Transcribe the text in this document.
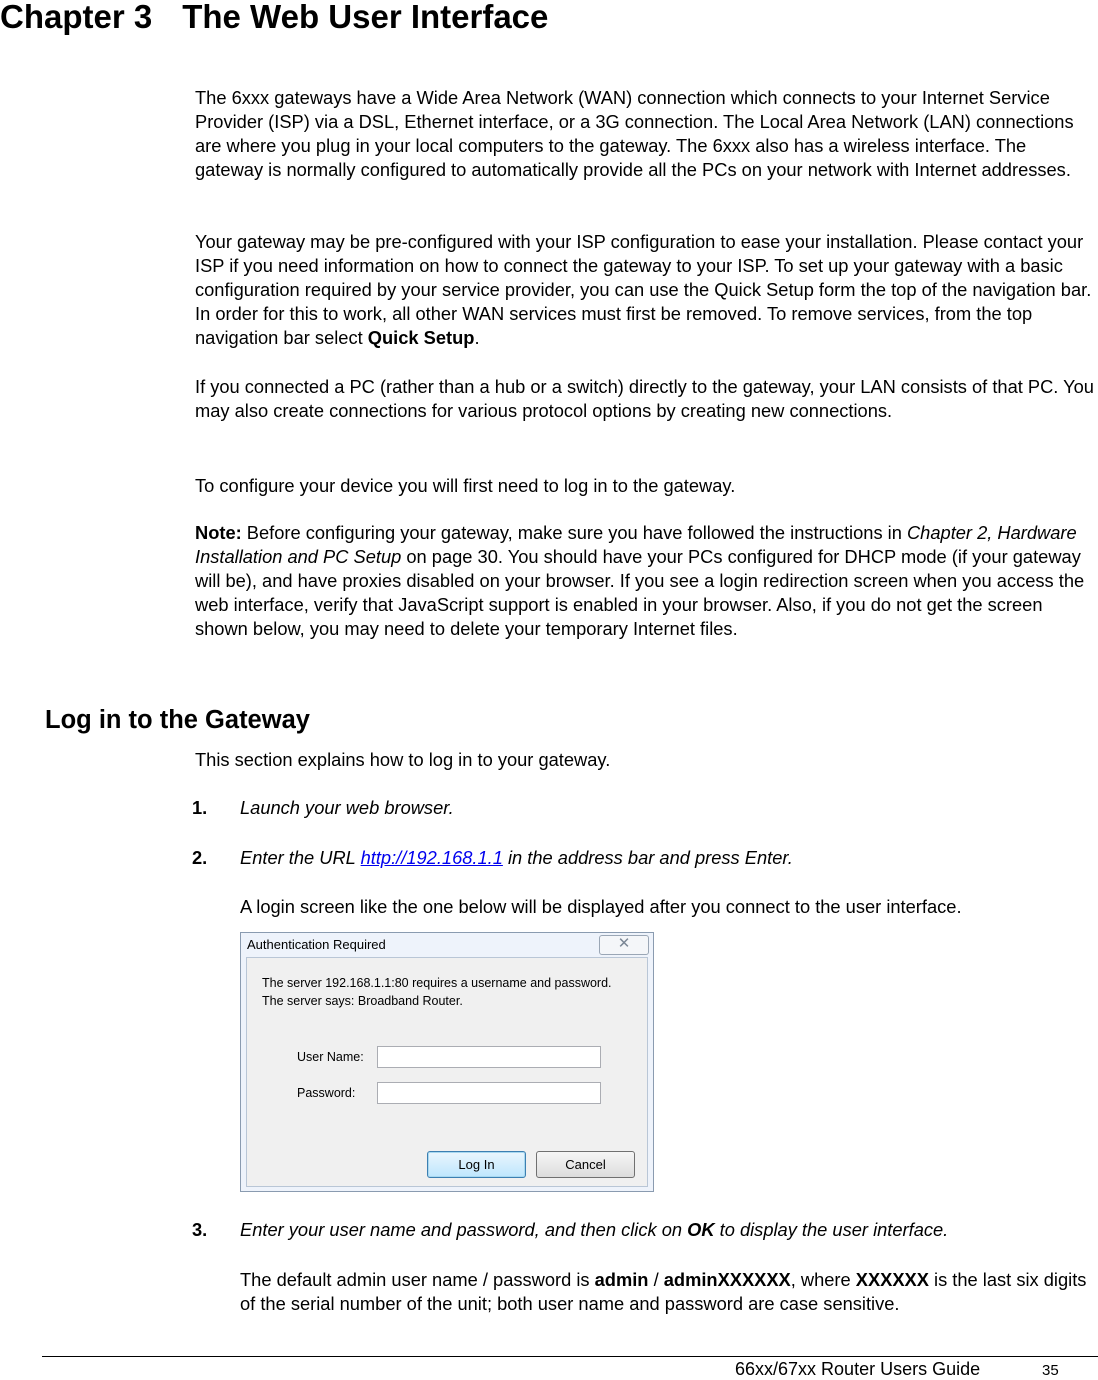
Chapter 3 The Web User Interface

The 6xxx gateways have a Wide Area Network (WAN) connection which connects to your Internet Service Provider (ISP) via a DSL, Ethernet interface, or a 3G connection. The Local Area Network (LAN) connections are where you plug in your local computers to the gateway. The 6xxx also has a wireless interface. The gateway is normally configured to automatically provide all the PCs on your network with Internet addresses.

Your gateway may be pre-configured with your ISP configuration to ease your installation. Please contact your ISP if you need information on how to connect the gateway to your ISP. To set up your gateway with a basic configuration required by your service provider, you can use the Quick Setup form the top of the navigation bar. In order for this to work, all other WAN services must first be removed. To remove services, from the top navigation bar select Quick Setup.

If you connected a PC (rather than a hub or a switch) directly to the gateway, your LAN consists of that PC. You may also create connections for various protocol options by creating new connections.

To configure your device you will first need to log in to the gateway.

Note: Before configuring your gateway, make sure you have followed the instructions in Chapter 2, Hardware Installation and PC Setup on page 30. You should have your PCs configured for DHCP mode (if your gateway will be), and have proxies disabled on your browser. If you see a login redirection screen when you access the web interface, verify that JavaScript support is enabled in your browser. Also, if you do not get the screen shown below, you may need to delete your temporary Internet files.

Log in to the Gateway

This section explains how to log in to your gateway.

1. Launch your web browser.

2. Enter the URL http://192.168.1.1 in the address bar and press Enter.

A login screen like the one below will be displayed after you connect to the user interface.

Authentication Required	✕
The server 192.168.1.1:80 requires a username and password.
The server says: Broadband Router.
User Name:
Password:
Log In	Cancel
3. Enter your user name and password, and then click on OK to display the user interface.

The default admin user name / password is admin / adminXXXXXX, where XXXXXX is the last six digits of the serial number of the unit; both user name and password are case sensitive.

66xx/67xx Router Users Guide	35
